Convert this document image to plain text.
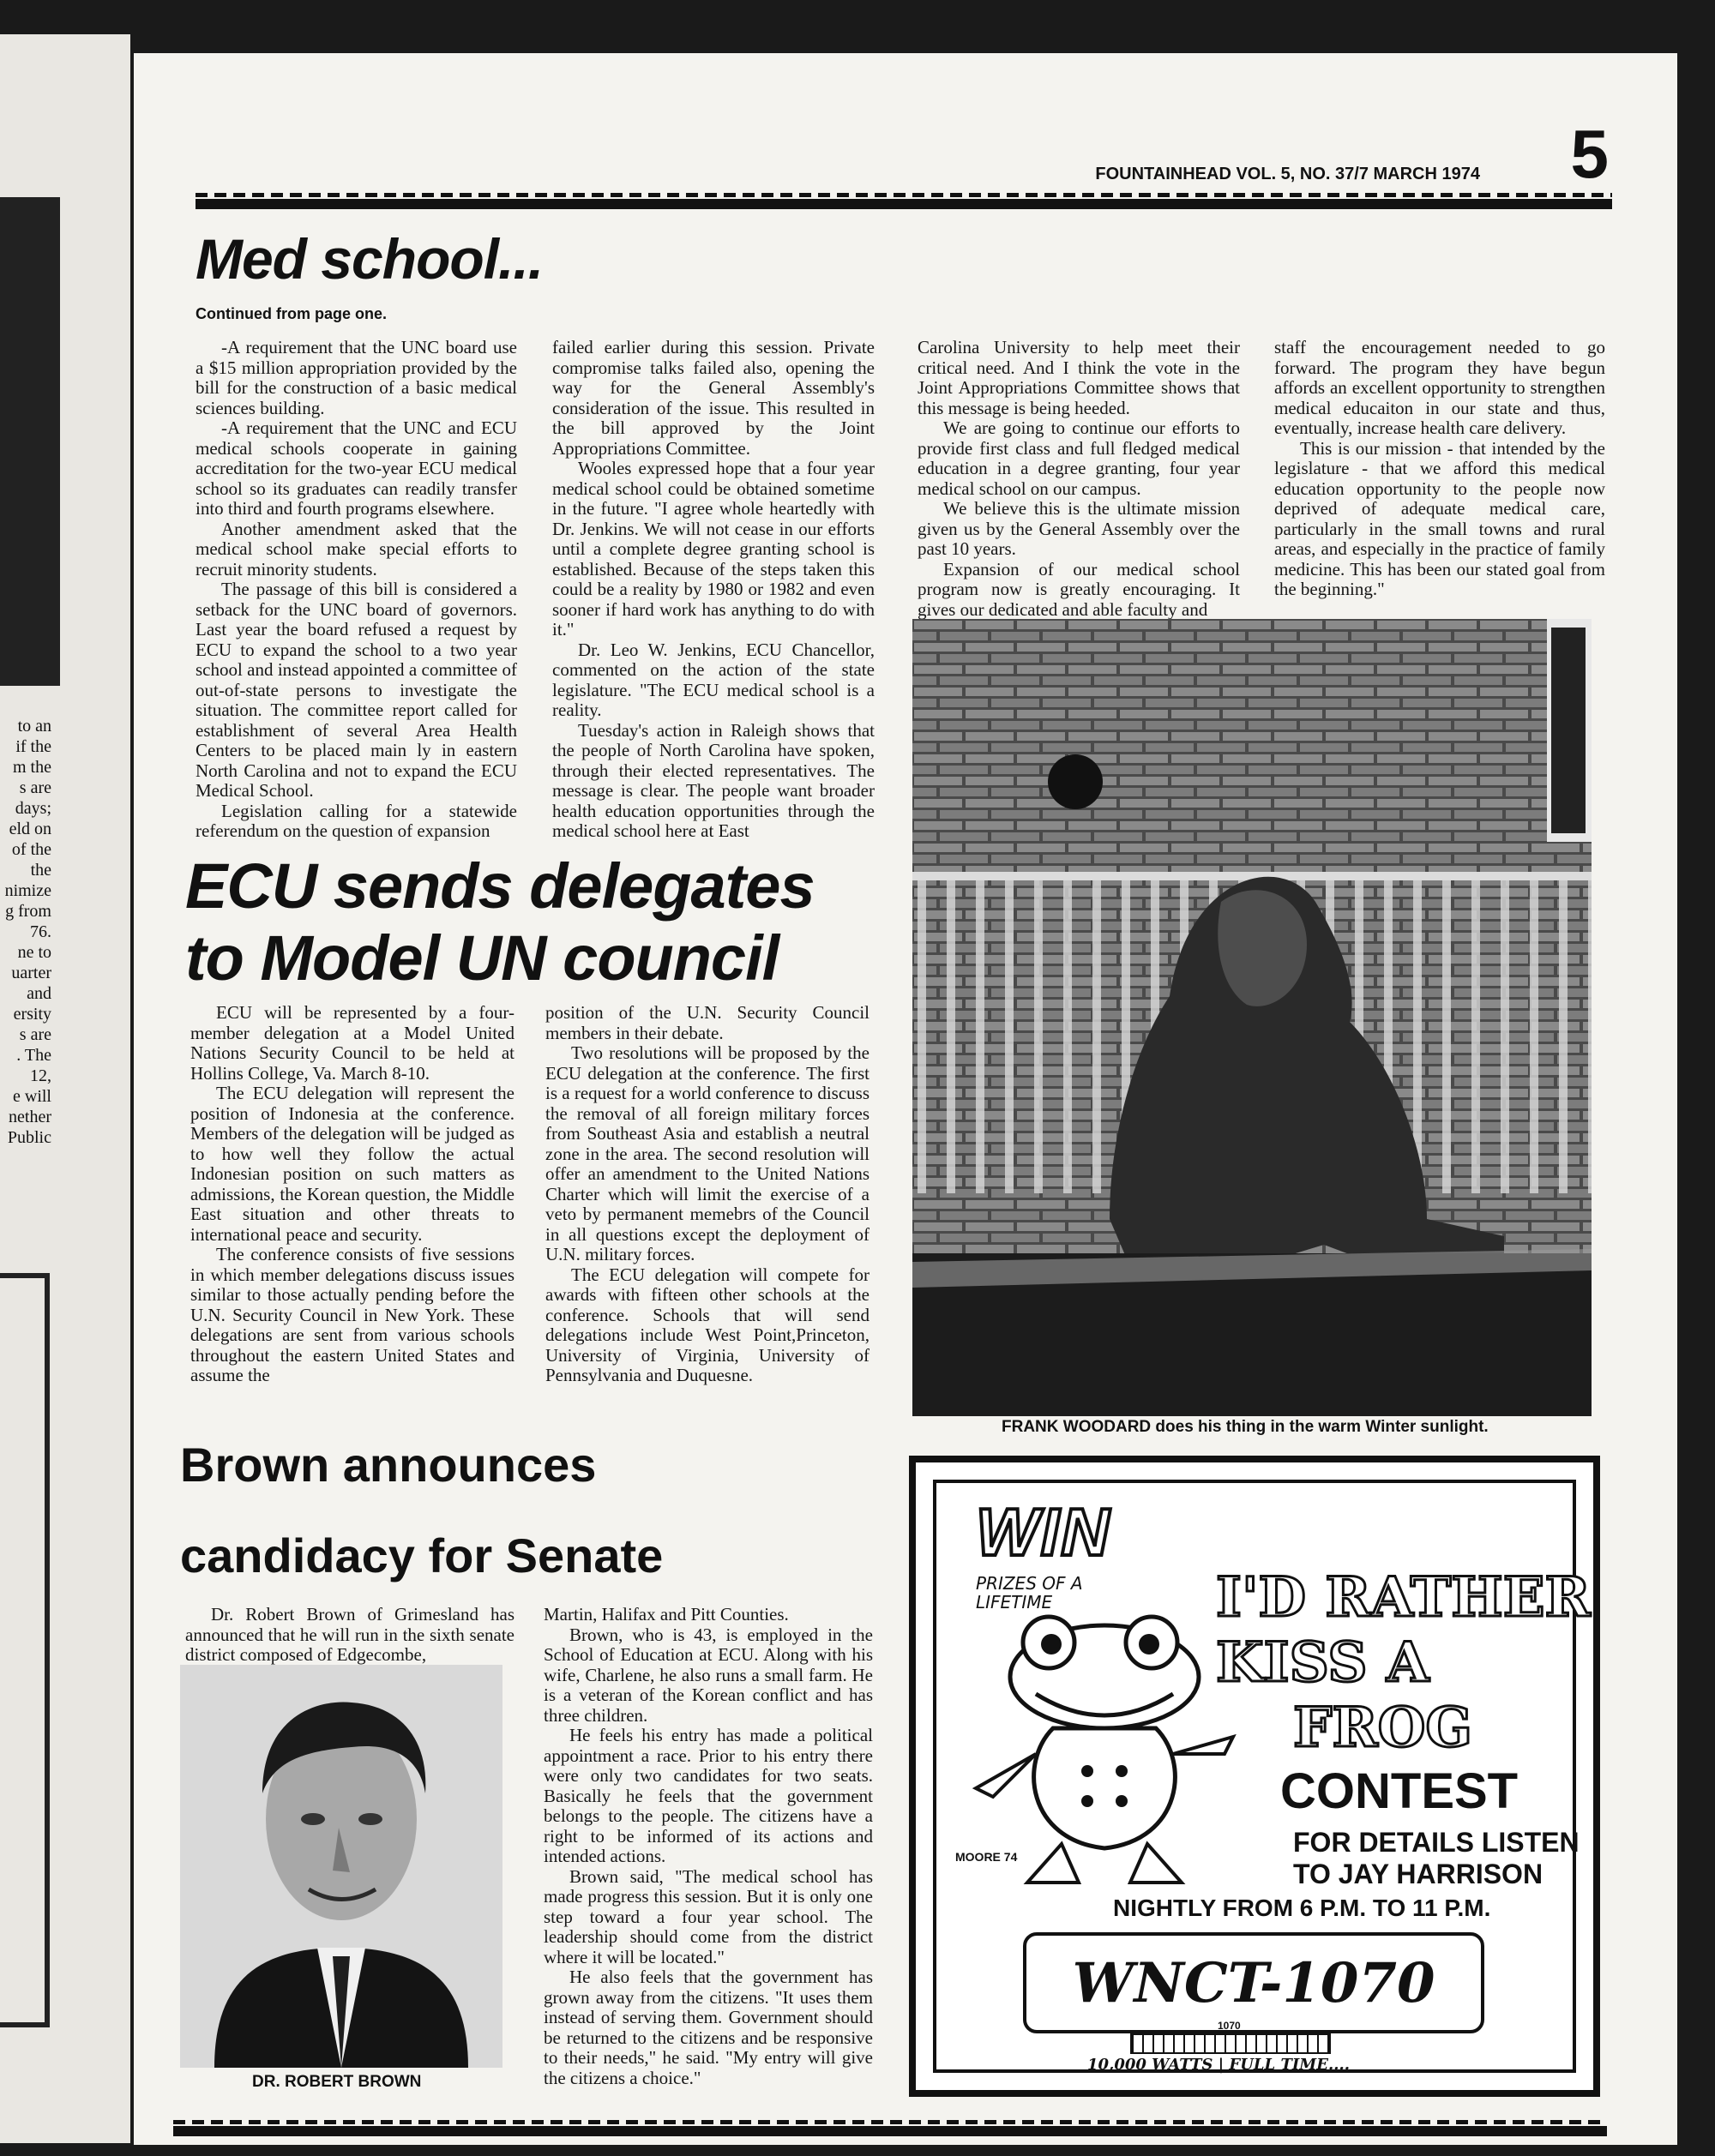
to an
if the
m the
s are
days;
eld on
of the
the
nimize
g from
76.
ne to
uarter
and
ersity
s are
. The
12,
e will
nether
Public
FOUNTAINHEAD VOL. 5, NO. 37/7 MARCH 1974 5
Med school...
Continued from page one.

-A requirement that the UNC board use a $15 million appropriation provided by the bill for the construction of a basic medical sciences building.

-A requirement that the UNC and ECU medical schools cooperate in gaining accreditation for the two-year ECU medical school so its graduates can readily transfer into third and fourth programs elsewhere.

Another amendment asked that the medical school make special efforts to recruit minority students.

The passage of this bill is considered a setback for the UNC board of governors. Last year the board refused a request by ECU to expand the school to a two year school and instead appointed a committee of out-of-state persons to investigate the situation. The committee report called for establishment of several Area Health Centers to be placed main ly in eastern North Carolina and not to expand the ECU Medical School.

Legislation calling for a statewide referendum on the question of expansion

failed earlier during this session. Private compromise talks failed also, opening the way for the General Assembly's consideration of the issue. This resulted in the bill approved by the Joint Appropriations Committee.

Wooles expressed hope that a four year medical school could be obtained sometime in the future. "I agree whole heartedly with Dr. Jenkins. We will not cease in our efforts until a complete degree granting school is established. Because of the steps taken this could be a reality by 1980 or 1982 and even sooner if hard work has anything to do with it."

Dr. Leo W. Jenkins, ECU Chancellor, commented on the action of the state legislature. "The ECU medical school is a reality.

Tuesday's action in Raleigh shows that the people of North Carolina have spoken, through their elected representatives. The message is clear. The people want broader health education opportunities through the medical school here at East

Carolina University to help meet their critical need. And I think the vote in the Joint Appropriations Committee shows that this message is being heeded.

We are going to continue our efforts to provide first class and full fledged medical education in a degree granting, four year medical school on our campus.

We believe this is the ultimate mission given us by the General Assembly over the past 10 years.

Expansion of our medical school program now is greatly encouraging. It gives our dedicated and able faculty and

staff the encouragement needed to go forward. The program they have begun affords an excellent opportunity to strengthen medical educaiton in our state and thus, eventually, increase health care delivery.

This is our mission - that intended by the legislature - that we afford this medical education opportunity to the people now deprived of adequate medical care, particularly in the small towns and rural areas, and especially in the practice of family medicine. This has been our stated goal from the beginning."

FRANK WOODARD does his thing in the warm Winter sunlight.
ECU sends delegates
to Model UN council

ECU will be represented by a four-member delegation at a Model United Nations Security Council to be held at Hollins College, Va. March 8-10.

The ECU delegation will represent the position of Indonesia at the conference. Members of the delegation will be judged as to how well they follow the actual Indonesian position on such matters as admissions, the Korean question, the Middle East situation and other threats to international peace and security.

The conference consists of five sessions in which member delegations discuss issues similar to those actually pending before the U.N. Security Council in New York. These delegations are sent from various schools throughout the eastern United States and assume the

position of the U.N. Security Council members in their debate.

Two resolutions will be proposed by the ECU delegation at the conference. The first is a request for a world conference to discuss the removal of all foreign military forces from Southeast Asia and establish a neutral zone in the area. The second resolution will offer an amendment to the United Nations Charter which will limit the exercise of a veto by permanent memebrs of the Council in all questions except the deployment of U.N. military forces.

The ECU delegation will compete for awards with fifteen other schools at the conference. Schools that will send delegations include West Point,Princeton, University of Virginia, University of Pennsylvania and Duquesne.

Brown announces
candidacy for Senate

Dr. Robert Brown of Grimesland has announced that he will run in the sixth senate district composed of Edgecombe,

DR. ROBERT BROWN

Martin, Halifax and Pitt Counties.

Brown, who is 43, is employed in the School of Education at ECU. Along with his wife, Charlene, he also runs a small farm. He is a veteran of the Korean conflict and has three children.

He feels his entry has made a political appointment a race. Prior to his entry there were only two candidates for two seats. Basically he feels that the government belongs to the people. The citizens have a right to be informed of its actions and intended actions.

Brown said, "The medical school has made progress this session. But it is only one step toward a four year school. The leadership should come from the district where it will be located."

He also feels that the government has grown away from the citizens. "It uses them instead of serving them. Government should be returned to the citizens and be responsive to their needs," he said. "My entry will give the citizens a choice."

WIN
PRIZES OF A LIFETIME
MOORE 74
I'D RATHER
KISS A
FROG
CONTEST
FOR DETAILS LISTEN
TO JAY HARRISON
NIGHTLY FROM 6 P.M. TO 11 P.M.
WNCT-1070
1070
10,000 WATTS | FULL TIME....
